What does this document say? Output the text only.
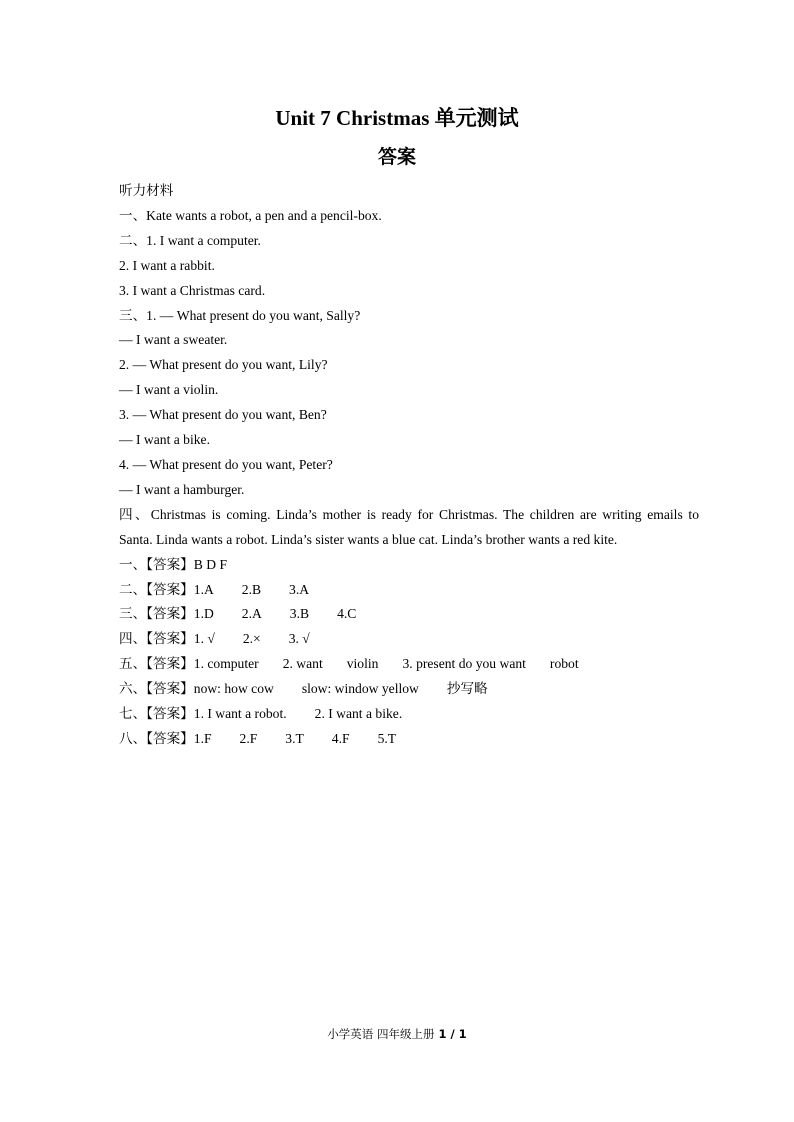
Unit 7 Christmas 单元测试
答案
听力材料
一、Kate wants a robot, a pen and a pencil-box.
二、1. I want a computer.
2. I want a rabbit.
3. I want a Christmas card.
三、1. — What present do you want, Sally?
— I want a sweater.
2. — What present do you want, Lily?
— I want a violin.
3. — What present do you want, Ben?
— I want a bike.
4. — What present do you want, Peter?
— I want a hamburger.
四、Christmas is coming. Linda’s mother is ready for Christmas. The children are writing emails to Santa. Linda wants a robot. Linda’s sister wants a blue cat. Linda’s brother wants a red kite.
一、【答案】 B D F
二、【答案】 1.A 2.B 3.A
三、【答案】 1.D 2.A 3.B 4.C
四、【答案】 1. √ 2.× 3. √
五、【答案】 1. computer 2. want violin 3. present do you want robot
六、【答案】 now: how cow slow: window yellow 抄写略
七、【答案】 1. I want a robot. 2. I want a bike.
八、【答案】 1.F 2.F 3.T 4.F 5.T
小学英语 四年级上册 1 / 1
